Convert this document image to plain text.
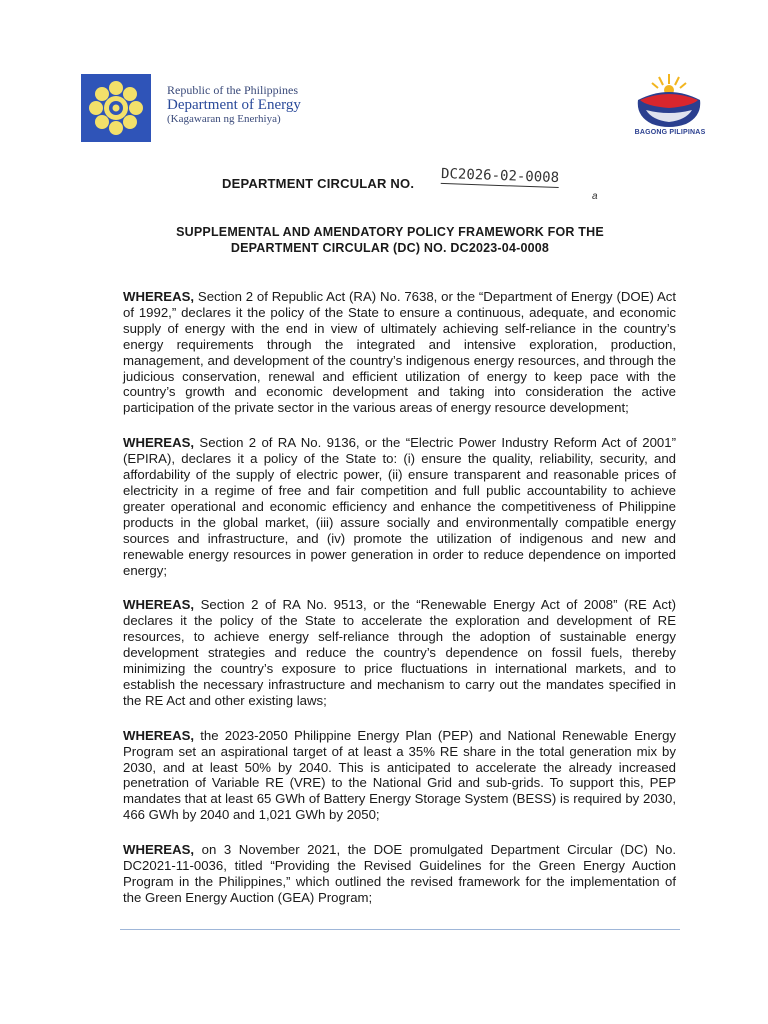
Republic of the Philippines
Department of Energy
(Kagawaran ng Enerhiya)
BAGONG PILIPINAS
DEPARTMENT CIRCULAR NO. DC2026-02-0008
a
SUPPLEMENTAL AND AMENDATORY POLICY FRAMEWORK FOR THE
DEPARTMENT CIRCULAR (DC) NO. DC2023-04-0008

WHEREAS, Section 2 of Republic Act (RA) No. 7638, or the “Department of Energy (DOE) Act of 1992,” declares it the policy of the State to ensure a continuous, adequate, and economic supply of energy with the end in view of ultimately achieving self-reliance in the country’s energy requirements through the integrated and intensive exploration, production, management, and development of the country’s indigenous energy resources, and through the judicious conservation, renewal and efficient utilization of energy to keep pace with the country’s growth and economic development and taking into consideration the active participation of the private sector in the various areas of energy resource development;

WHEREAS, Section 2 of RA No. 9136, or the “Electric Power Industry Reform Act of 2001” (EPIRA), declares it a policy of the State to: (i) ensure the quality, reliability, security, and affordability of the supply of electric power, (ii) ensure transparent and reasonable prices of electricity in a regime of free and fair competition and full public accountability to achieve greater operational and economic efficiency and enhance the competitiveness of Philippine products in the global market, (iii) assure socially and environmentally compatible energy sources and infrastructure, and (iv) promote the utilization of indigenous and new and renewable energy resources in power generation in order to reduce dependence on imported energy;

WHEREAS, Section 2 of RA No. 9513, or the “Renewable Energy Act of 2008” (RE Act) declares it the policy of the State to accelerate the exploration and development of RE resources, to achieve energy self-reliance through the adoption of sustainable energy development strategies and reduce the country’s dependence on fossil fuels, thereby minimizing the country’s exposure to price fluctuations in international markets, and to establish the necessary infrastructure and mechanism to carry out the mandates specified in the RE Act and other existing laws;

WHEREAS, the 2023-2050 Philippine Energy Plan (PEP) and National Renewable Energy Program set an aspirational target of at least a 35% RE share in the total generation mix by 2030, and at least 50% by 2040. This is anticipated to accelerate the already increased penetration of Variable RE (VRE) to the National Grid and sub-grids. To support this, PEP mandates that at least 65 GWh of Battery Energy Storage System (BESS) is required by 2030, 466 GWh by 2040 and 1,021 GWh by 2050;

WHEREAS, on 3 November 2021, the DOE promulgated Department Circular (DC) No. DC2021-11-0036, titled “Providing the Revised Guidelines for the Green Energy Auction Program in the Philippines,” which outlined the revised framework for the implementation of the Green Energy Auction (GEA) Program;
